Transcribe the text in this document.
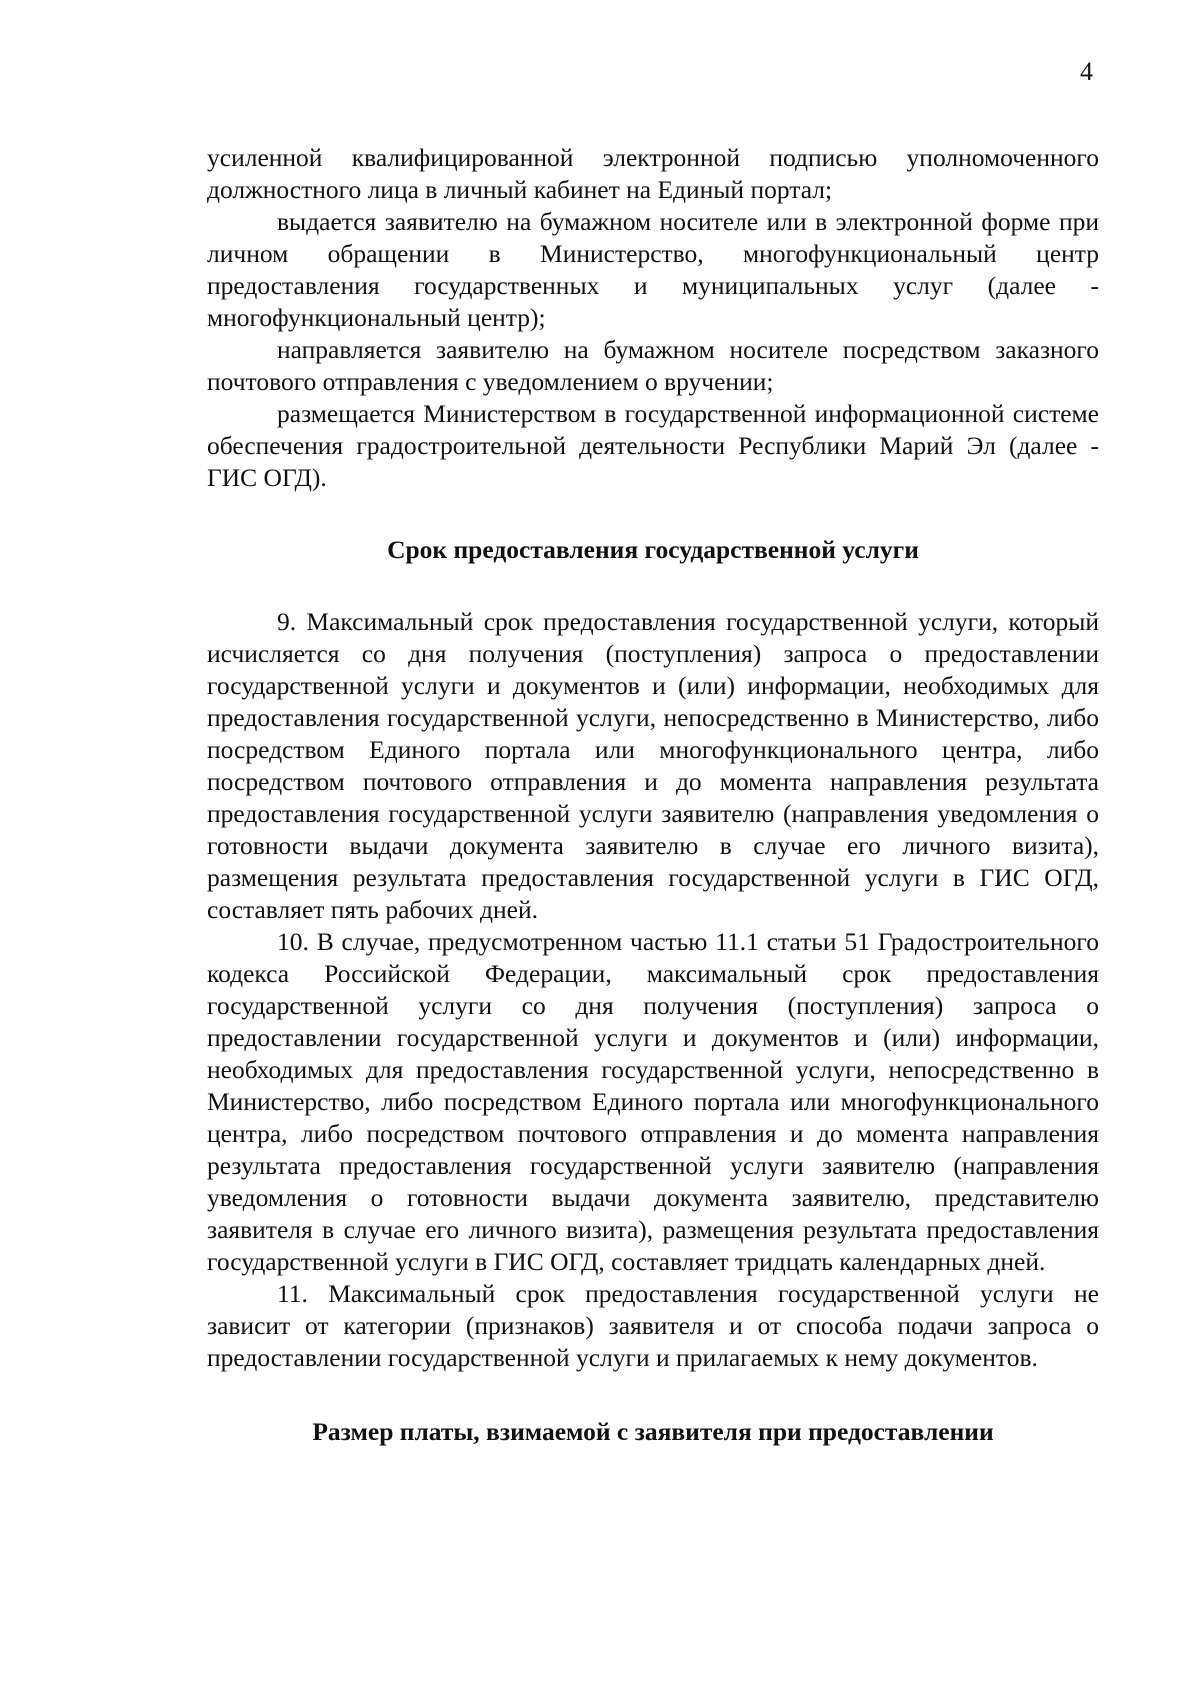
4

усиленной квалифицированной электронной подписью уполномоченного должностного лица в личный кабинет на Единый портал;

выдается заявителю на бумажном носителе или в электронной форме при личном обращении в Министерство, многофункциональный центр предоставления государственных и муниципальных услуг (далее - многофункциональный центр);

направляется заявителю на бумажном носителе посредством заказного почтового отправления с уведомлением о вручении;

размещается Министерством в государственной информационной системе обеспечения градостроительной деятельности Республики Марий Эл (далее - ГИС ОГД).

Срок предоставления государственной услуги

9. Максимальный срок предоставления государственной услуги, который исчисляется со дня получения (поступления) запроса о предоставлении государственной услуги и документов и (или) информации, необходимых для предоставления государственной услуги, непосредственно в Министерство, либо посредством Единого портала или многофункционального центра, либо посредством почтового отправления и до момента направления результата предоставления государственной услуги заявителю (направления уведомления о готовности выдачи документа заявителю в случае его личного визита), размещения результата предоставления государственной услуги в ГИС ОГД, составляет пять рабочих дней.

10. В случае, предусмотренном частью 11.1 статьи 51 Градостроительного кодекса Российской Федерации, максимальный срок предоставления государственной услуги со дня получения (поступления) запроса о предоставлении государственной услуги и документов и (или) информации, необходимых для предоставления государственной услуги, непосредственно в Министерство, либо посредством Единого портала или многофункционального центра, либо посредством почтового отправления и до момента направления результата предоставления государственной услуги заявителю (направления уведомления о готовности выдачи документа заявителю, представителю заявителя в случае его личного визита), размещения результата предоставления государственной услуги в ГИС ОГД, составляет тридцать календарных дней.

11. Максимальный срок предоставления государственной услуги не зависит от категории (признаков) заявителя и от способа подачи запроса о предоставлении государственной услуги и прилагаемых к нему документов.

Размер платы, взимаемой с заявителя при предоставлении
